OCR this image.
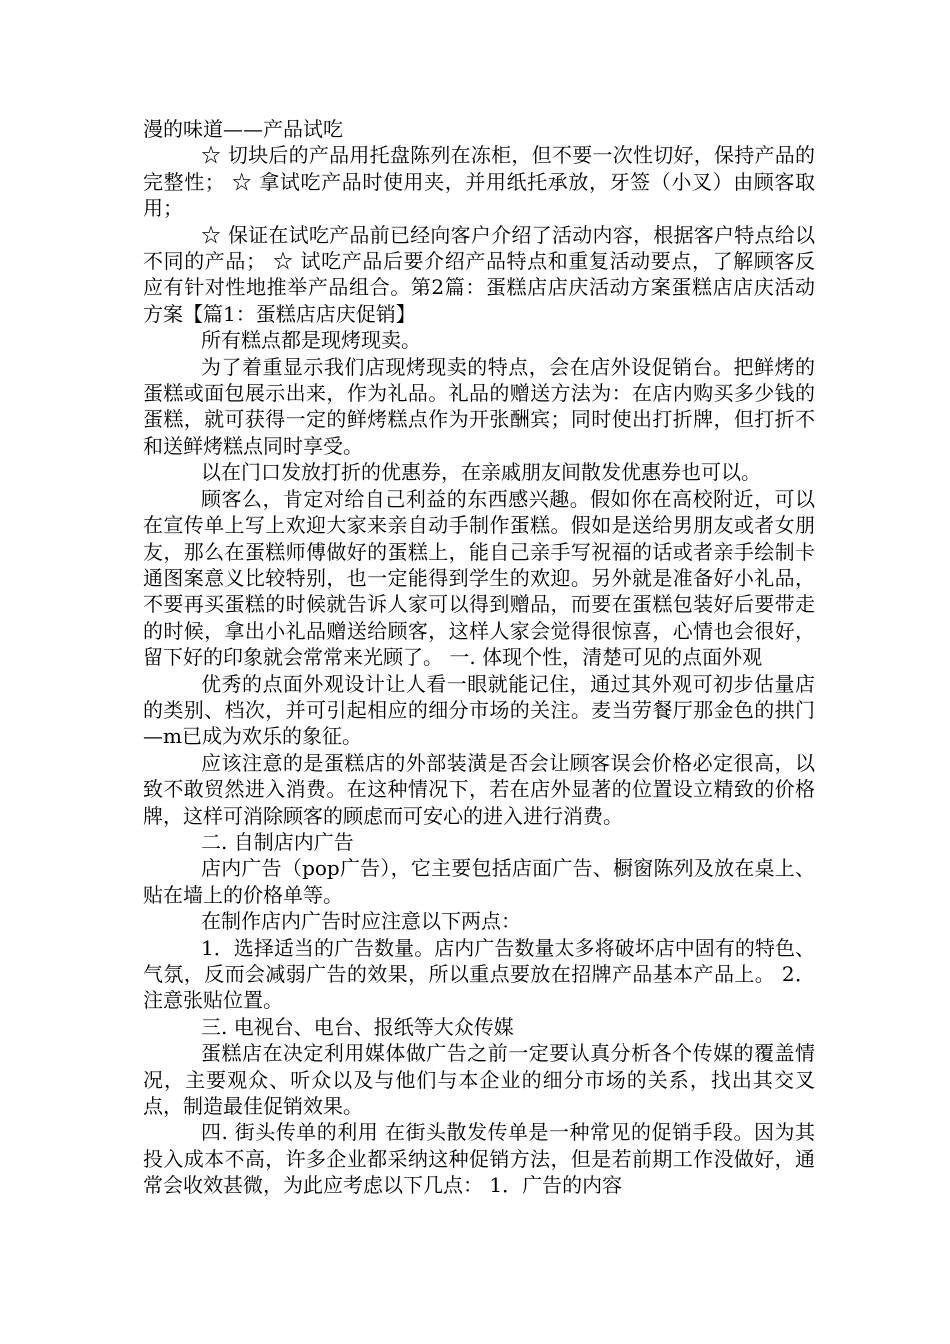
漫的味道——产品试吃

☆ 切块后的产品用托盘陈列在冻柜，但不要一次性切好，保持产品的完整性； ☆ 拿试吃产品时使用夹，并用纸托承放，牙签（小叉）由顾客取用；

☆ 保证在试吃产品前已经向客户介绍了活动内容，根据客户特点给以不同的产品； ☆ 试吃产品后要介绍产品特点和重复活动要点，了解顾客反应有针对性地推举产品组合。第2篇：蛋糕店店庆活动方案蛋糕店店庆活动方案【篇1：蛋糕店店庆促销】

所有糕点都是现烤现卖。

为了着重显示我们店现烤现卖的特点，会在店外设促销台。把鲜烤的蛋糕或面包展示出来，作为礼品。礼品的赠送方法为：在店内购买多少钱的蛋糕，就可获得一定的鲜烤糕点作为开张酬宾；同时使出打折牌，但打折不和送鲜烤糕点同时享受。

以在门口发放打折的优惠券，在亲戚朋友间散发优惠券也可以。

顾客么，肯定对给自己利益的东西感兴趣。假如你在高校附近，可以在宣传单上写上欢迎大家来亲自动手制作蛋糕。假如是送给男朋友或者女朋友，那么在蛋糕师傅做好的蛋糕上，能自己亲手写祝福的话或者亲手绘制卡通图案意义比较特别，也一定能得到学生的欢迎。另外就是准备好小礼品，不要再买蛋糕的时候就告诉人家可以得到赠品，而要在蛋糕包装好后要带走的时候，拿出小礼品赠送给顾客，这样人家会觉得很惊喜，心情也会很好，留下好的印象就会常常来光顾了。 一. 体现个性，清楚可见的点面外观

优秀的点面外观设计让人看一眼就能记住，通过其外观可初步估量店的类别、档次，并可引起相应的细分市场的关注。麦当劳餐厅那金色的拱门—m已成为欢乐的象征。

应该注意的是蛋糕店的外部装潢是否会让顾客误会价格必定很高，以致不敢贸然进入消费。在这种情况下，若在店外显著的位置设立精致的价格牌，这样可消除顾客的顾虑而可安心的进入进行消费。

二. 自制店内广告

店内广告（pop广告），它主要包括店面广告、橱窗陈列及放在桌上、贴在墙上的价格单等。

在制作店内广告时应注意以下两点：

1．选择适当的广告数量。店内广告数量太多将破坏店中固有的特色、气氛，反而会减弱广告的效果，所以重点要放在招牌产品基本产品上。 2．注意张贴位置。

三. 电视台、电台、报纸等大众传媒

蛋糕店在决定利用媒体做广告之前一定要认真分析各个传媒的覆盖情况，主要观众、听众以及与他们与本企业的细分市场的关系，找出其交叉点，制造最佳促销效果。

四. 街头传单的利用 在街头散发传单是一种常见的促销手段。因为其投入成本不高，许多企业都采纳这种促销方法，但是若前期工作没做好，通常会收效甚微，为此应考虑以下几点： 1．广告的内容
